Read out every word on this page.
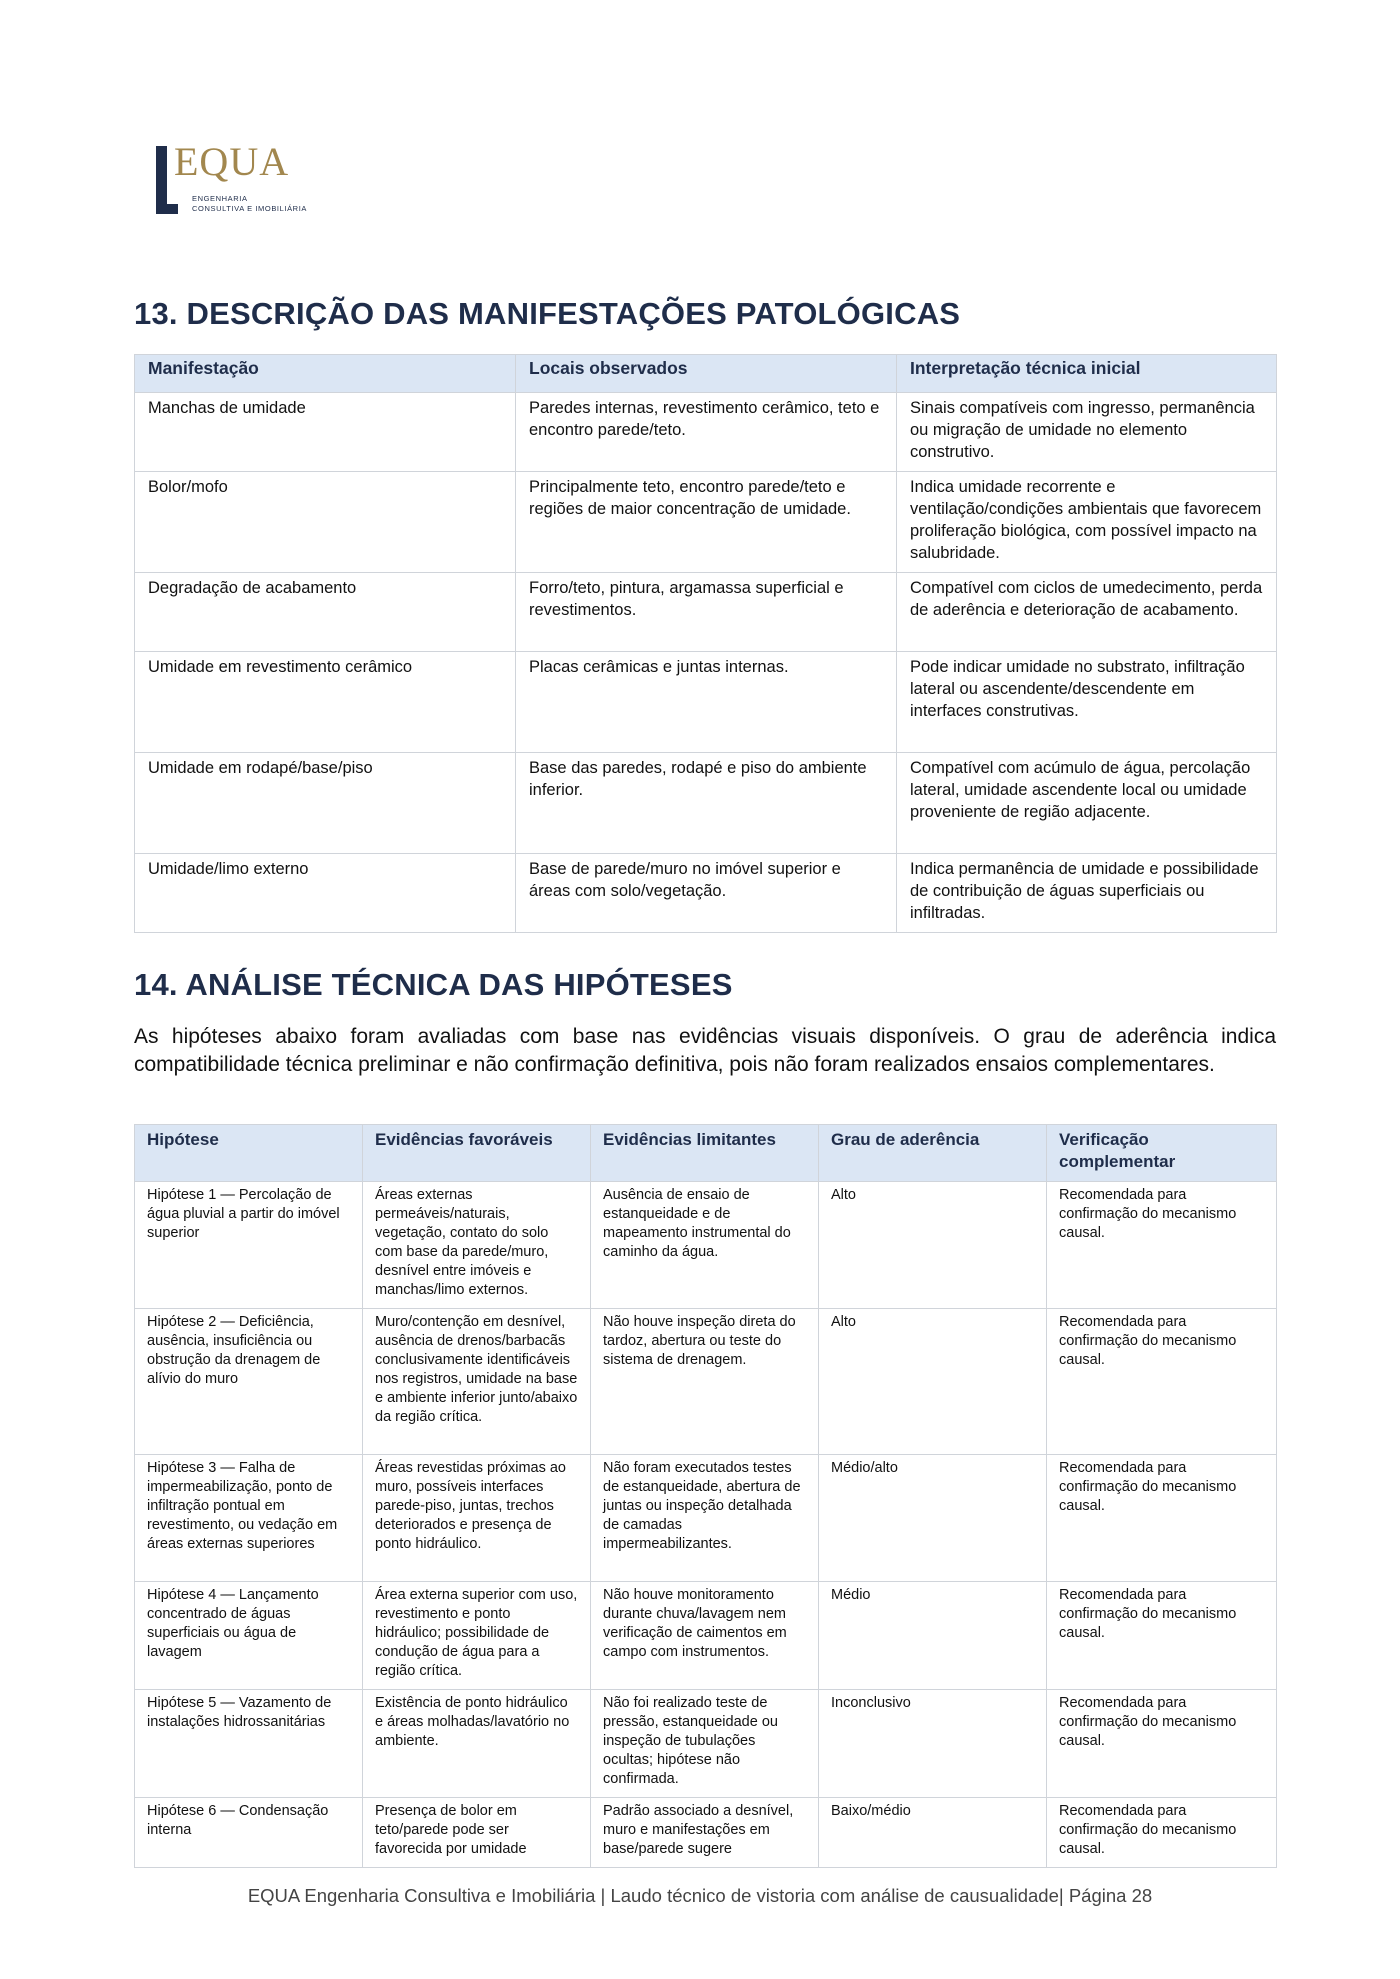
EQUA
ENGENHARIA
CONSULTIVA E IMOBILIÁRIA
13. DESCRIÇÃO DAS MANIFESTAÇÕES PATOLÓGICAS
Manifestação	Locais observados	Interpretação técnica inicial
Manchas de umidade	Paredes internas, revestimento cerâmico, teto e encontro parede/teto.	Sinais compatíveis com ingresso, permanência ou migração de umidade no elemento construtivo.
Bolor/mofo	Principalmente teto, encontro parede/teto e regiões de maior concentração de umidade.	Indica umidade recorrente e ventilação/condições ambientais que favorecem proliferação biológica, com possível impacto na salubridade.
Degradação de acabamento	Forro/teto, pintura, argamassa superficial e revestimentos.	Compatível com ciclos de umedecimento, perda de aderência e deterioração de acabamento.
Umidade em revestimento cerâmico	Placas cerâmicas e juntas internas.	Pode indicar umidade no substrato, infiltração lateral ou ascendente/descendente em interfaces construtivas.
Umidade em rodapé/base/piso	Base das paredes, rodapé e piso do ambiente inferior.	Compatível com acúmulo de água, percolação lateral, umidade ascendente local ou umidade proveniente de região adjacente.
Umidade/limo externo	Base de parede/muro no imóvel superior e áreas com solo/vegetação.	Indica permanência de umidade e possibilidade de contribuição de águas superficiais ou infiltradas.
14. ANÁLISE TÉCNICA DAS HIPÓTESES

As hipóteses abaixo foram avaliadas com base nas evidências visuais disponíveis. O grau de aderência indica compatibilidade técnica preliminar e não confirmação definitiva, pois não foram realizados ensaios complementares.

Hipótese	Evidências favoráveis	Evidências limitantes	Grau de aderência	Verificação complementar
Hipótese 1 — Percolação de água pluvial a partir do imóvel superior	Áreas externas permeáveis/naturais, vegetação, contato do solo com base da parede/muro, desnível entre imóveis e manchas/limo externos.	Ausência de ensaio de estanqueidade e de mapeamento instrumental do caminho da água.	Alto	Recomendada para confirmação do mecanismo causal.
Hipótese 2 — Deficiência, ausência, insuficiência ou obstrução da drenagem de alívio do muro	Muro/contenção em desnível, ausência de drenos/barbacãs conclusivamente identificáveis nos registros, umidade na base e ambiente inferior junto/abaixo da região crítica.	Não houve inspeção direta do tardoz, abertura ou teste do sistema de drenagem.	Alto	Recomendada para confirmação do mecanismo causal.
Hipótese 3 — Falha de impermeabilização, ponto de infiltração pontual em revestimento, ou vedação em áreas externas superiores	Áreas revestidas próximas ao muro, possíveis interfaces parede-piso, juntas, trechos deteriorados e presença de ponto hidráulico.	Não foram executados testes de estanqueidade, abertura de juntas ou inspeção detalhada de camadas impermeabilizantes.	Médio/alto	Recomendada para confirmação do mecanismo causal.
Hipótese 4 — Lançamento concentrado de águas superficiais ou água de lavagem	Área externa superior com uso, revestimento e ponto hidráulico; possibilidade de condução de água para a região crítica.	Não houve monitoramento durante chuva/lavagem nem verificação de caimentos em campo com instrumentos.	Médio	Recomendada para confirmação do mecanismo causal.
Hipótese 5 — Vazamento de instalações hidrossanitárias	Existência de ponto hidráulico e áreas molhadas/lavatório no ambiente.	Não foi realizado teste de pressão, estanqueidade ou inspeção de tubulações ocultas; hipótese não confirmada.	Inconclusivo	Recomendada para confirmação do mecanismo causal.
Hipótese 6 — Condensação interna	Presença de bolor em teto/parede pode ser favorecida por umidade	Padrão associado a desnível, muro e manifestações em base/parede sugere	Baixo/médio	Recomendada para confirmação do mecanismo causal.
EQUA Engenharia Consultiva e Imobiliária | Laudo técnico de vistoria com análise de causualidade| Página 28
